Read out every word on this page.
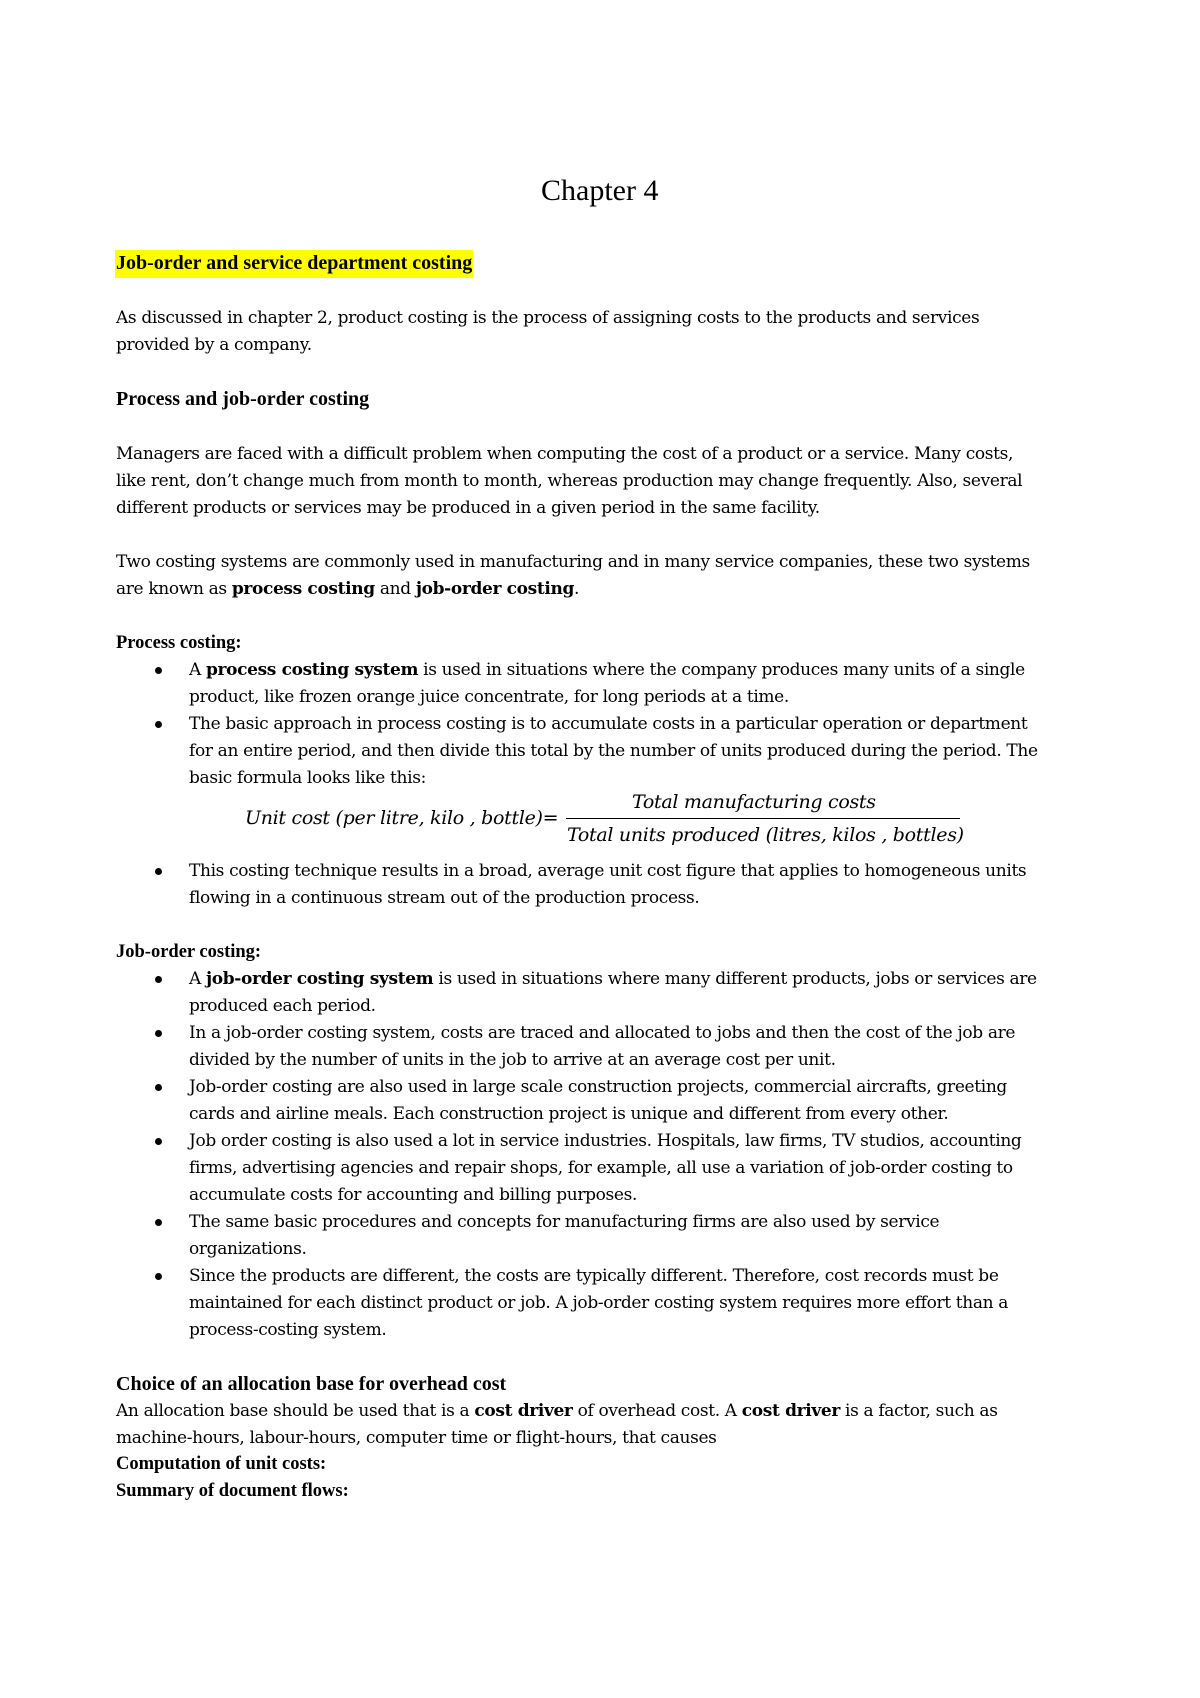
Chapter 4
Job-order and service department costing
As discussed in chapter 2, product costing is the process of assigning costs to the products and services
provided by a company.
Process and job-order costing
Managers are faced with a difficult problem when computing the cost of a product or a service. Many costs,
like rent, don’t change much from month to month, whereas production may change frequently. Also, several
different products or services may be produced in a given period in the same facility.
Two costing systems are commonly used in manufacturing and in many service companies, these two systems
are known as process costing and job-order costing.
Process costing:
A process costing system is used in situations where the company produces many units of a single
product, like frozen orange juice concentrate, for long periods at a time.
The basic approach in process costing is to accumulate costs in a particular operation or department
for an entire period, and then divide this total by the number of units produced during the period. The
basic formula looks like this:
Unit cost (per litre, kilo , bottle)=
Total manufacturing costs
Total units produced (litres, kilos , bottles)
This costing technique results in a broad, average unit cost figure that applies to homogeneous units
flowing in a continuous stream out of the production process.
Job-order costing:
A job-order costing system is used in situations where many different products, jobs or services are
produced each period.
In a job-order costing system, costs are traced and allocated to jobs and then the cost of the job are
divided by the number of units in the job to arrive at an average cost per unit.
Job-order costing are also used in large scale construction projects, commercial aircrafts, greeting
cards and airline meals. Each construction project is unique and different from every other.
Job order costing is also used a lot in service industries. Hospitals, law firms, TV studios, accounting
firms, advertising agencies and repair shops, for example, all use a variation of job-order costing to
accumulate costs for accounting and billing purposes.
The same basic procedures and concepts for manufacturing firms are also used by service
organizations.
Since the products are different, the costs are typically different. Therefore, cost records must be
maintained for each distinct product or job. A job-order costing system requires more effort than a
process-costing system.
Choice of an allocation base for overhead cost
An allocation base should be used that is a cost driver of overhead cost. A cost driver is a factor, such as
machine-hours, labour-hours, computer time or flight-hours, that causes
Computation of unit costs:
Summary of document flows:
